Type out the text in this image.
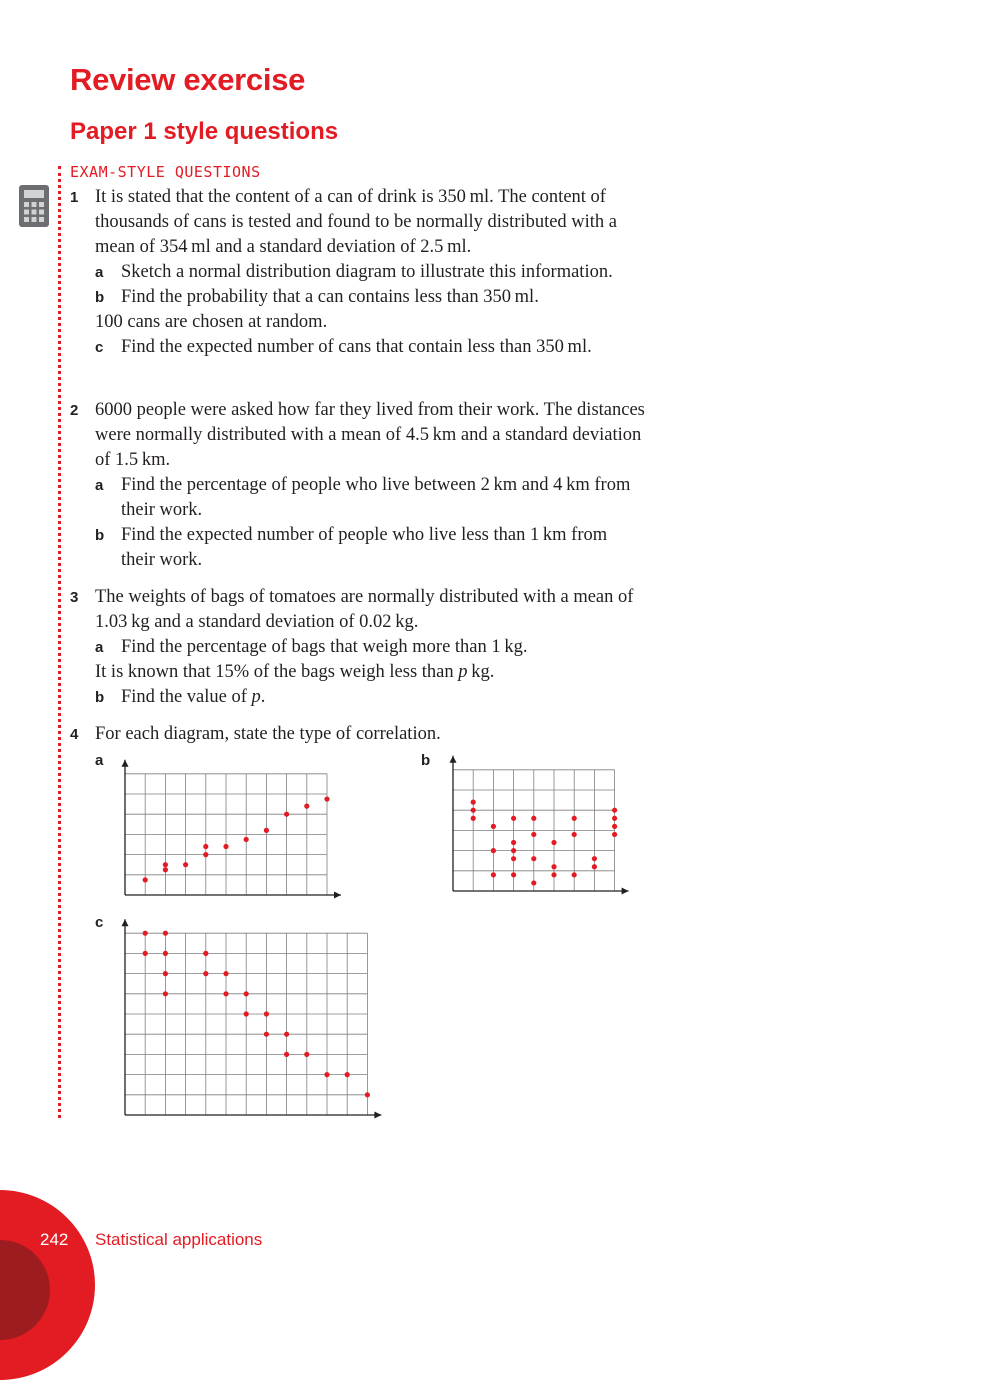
Review exercise
Paper 1 style questions
EXAM-STYLE QUESTIONS
1 It is stated that the content of a can of drink is 350 ml. The content of thousands of cans is tested and found to be normally distributed with a mean of 354 ml and a standard deviation of 2.5 ml.

a Sketch a normal distribution diagram to illustrate this information.
b Find the probability that a can contains less than 350 ml.

100 cans are chosen at random.

c Find the expected number of cans that contain less than 350 ml.
2 6000 people were asked how far they lived from their work. The distances were normally distributed with a mean of 4.5 km and a standard deviation of 1.5 km.

a Find the percentage of people who live between 2 km and 4 km from their work.
b Find the expected number of people who live less than 1 km from their work.
3 The weights of bags of tomatoes are normally distributed with a mean of 1.03 kg and a standard deviation of 0.02 kg.

a Find the percentage of bags that weigh more than 1 kg.

It is known that 15% of the bags weigh less than p kg.

b Find the value of p.
4 For each diagram, state the type of correlation.

a	b
c
242 Statistical applications
